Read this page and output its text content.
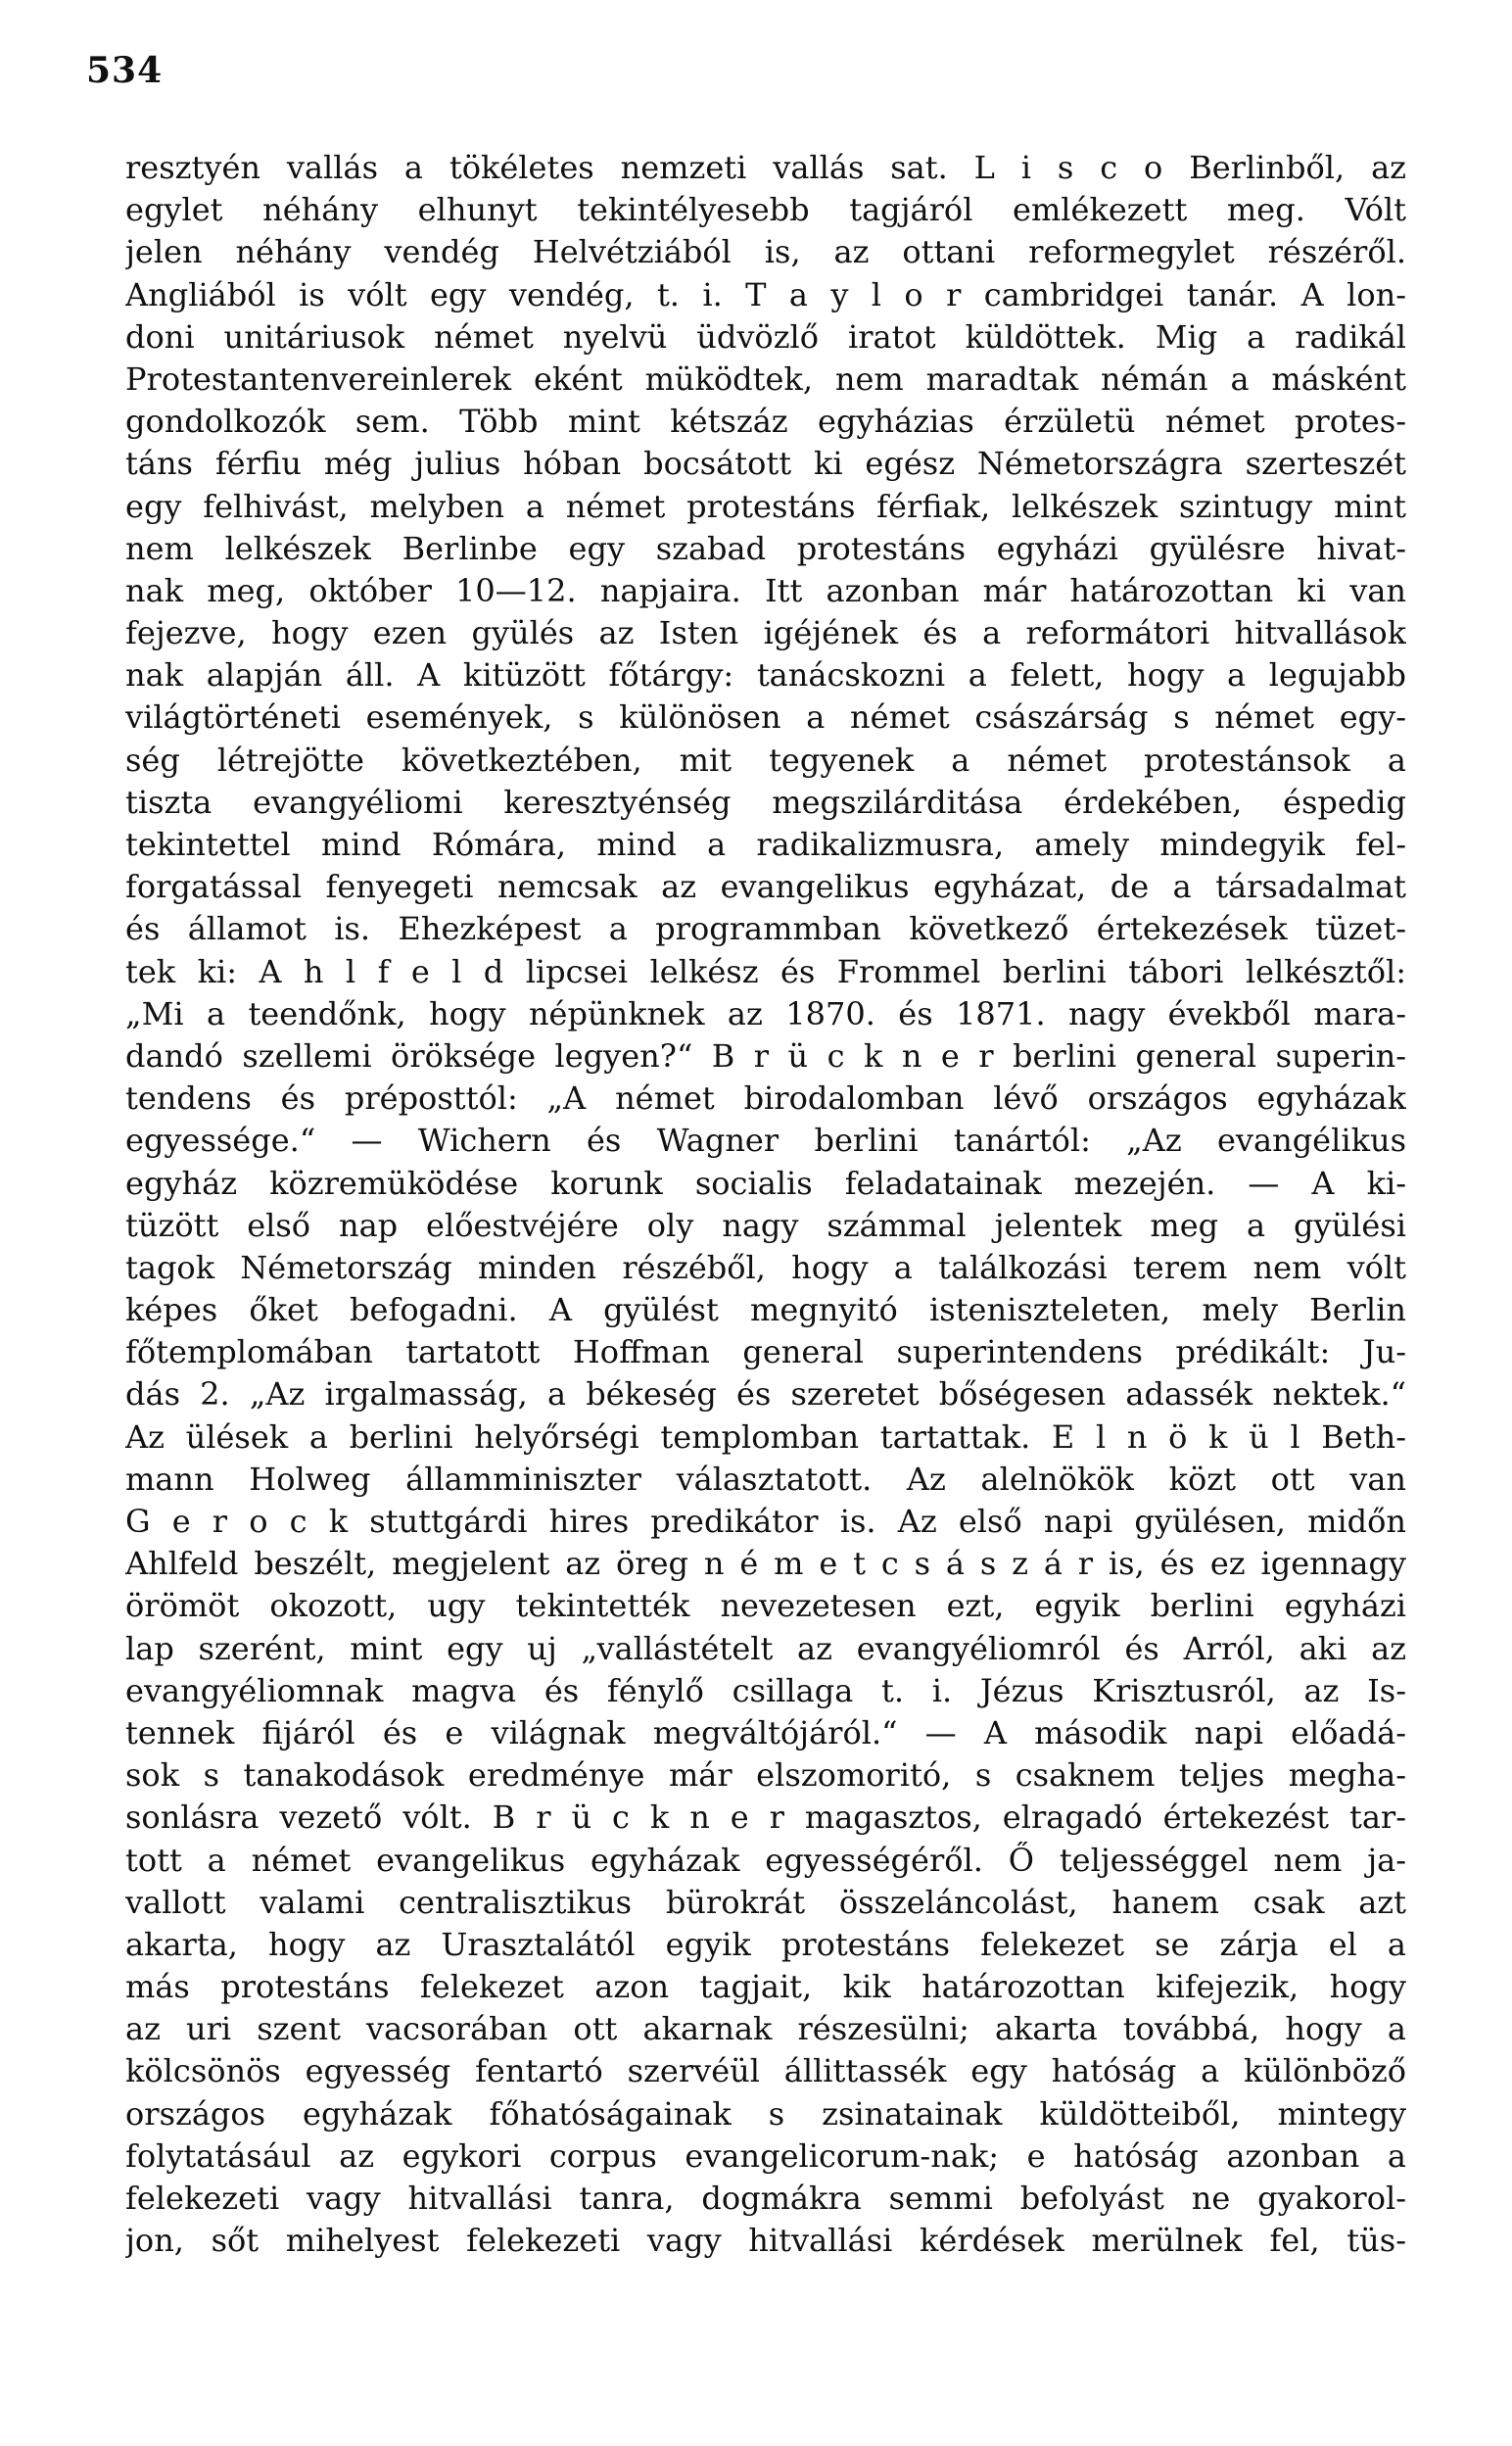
534
resztyén vallás a tökéletes nemzeti vallás sat. L i s c o Berlinből, az
egylet néhány elhunyt tekintélyesebb tagjáról emlékezett meg. Vólt
jelen néhány vendég Helvétziából is, az ottani reformegylet részéről.
Angliából is vólt egy vendég, t. i. T a y l o r cambridgei tanár. A lon-
doni unitáriusok német nyelvü üdvözlő iratot küldöttek. Mig a radikál
Protestantenvereinlerek eként müködtek, nem maradtak némán a másként
gondolkozók sem. Több mint kétszáz egyházias érzületü német protes-
táns férfiu még julius hóban bocsátott ki egész Németországra szerteszét
egy felhivást, melyben a német protestáns férfiak, lelkészek szintugy mint
nem lelkészek Berlinbe egy szabad protestáns egyházi gyülésre hivat-
nak meg, október 10—12. napjaira. Itt azonban már határozottan ki van
fejezve, hogy ezen gyülés az Isten igéjének és a reformátori hitvallások
nak alapján áll. A kitüzött főtárgy: tanácskozni a felett, hogy a legujabb
világtörténeti események, s különösen a német császárság s német egy-
ség létrejötte következtében, mit tegyenek a német protestánsok a
tiszta evangyéliomi keresztyénség megszilárditása érdekében, éspedig
tekintettel mind Rómára, mind a radikalizmusra, amely mindegyik fel-
forgatással fenyegeti nemcsak az evangelikus egyházat, de a társadalmat
és államot is. Ehezképest a programmban következő értekezések tüzet-
tek ki: A h l f e l d lipcsei lelkész és Frommel berlini tábori lelkésztől:
„Mi a teendőnk, hogy népünknek az 1870. és 1871. nagy évekből mara-
dandó szellemi öröksége legyen?“ B r ü c k n e r berlini general superin-
tendens és préposttól: „A német birodalomban lévő országos egyházak
egyessége.“ — Wichern és Wagner berlini tanártól: „Az evangélikus
egyház közremüködése korunk socialis feladatainak mezején. — A ki-
tüzött első nap előestvéjére oly nagy számmal jelentek meg a gyülési
tagok Németország minden részéből, hogy a találkozási terem nem vólt
képes őket befogadni. A gyülést megnyitó isteniszteleten, mely Berlin
főtemplomában tartatott Hoffman general superintendens prédikált: Ju-
dás 2. „Az irgalmasság, a békeség és szeretet bőségesen adassék nektek.“
Az ülések a berlini helyőrségi templomban tartattak. E l n ö k ü l Beth-
mann Holweg államminiszter választatott. Az alelnökök közt ott van
G e r o c k stuttgárdi hires predikátor is. Az első napi gyülésen, midőn
Ahlfeld beszélt, megjelent az öreg n é m e t c s á s z á r is, és ez igennagy
örömöt okozott, ugy tekintették nevezetesen ezt, egyik berlini egyházi
lap szerént, mint egy uj „vallástételt az evangyéliomról és Arról, aki az
evangyéliomnak magva és fénylő csillaga t. i. Jézus Krisztusról, az Is-
tennek fijáról és e világnak megváltójáról.“ — A második napi előadá-
sok s tanakodások eredménye már elszomoritó, s csaknem teljes megha-
sonlásra vezető vólt. B r ü c k n e r magasztos, elragadó értekezést tar-
tott a német evangelikus egyházak egyességéről. Ő teljességgel nem ja-
vallott valami centralisztikus bürokrát összeláncolást, hanem csak azt
akarta, hogy az Urasztalától egyik protestáns felekezet se zárja el a
más protestáns felekezet azon tagjait, kik határozottan kifejezik, hogy
az uri szent vacsorában ott akarnak részesülni; akarta továbbá, hogy a
kölcsönös egyesség fentartó szervéül állittassék egy hatóság a különböző
országos egyházak főhatóságainak s zsinatainak küldötteiből, mintegy
folytatásául az egykori corpus evangelicorum-nak; e hatóság azonban a
felekezeti vagy hitvallási tanra, dogmákra semmi befolyást ne gyakorol-
jon, sőt mihelyest felekezeti vagy hitvallási kérdések merülnek fel, tüs-
